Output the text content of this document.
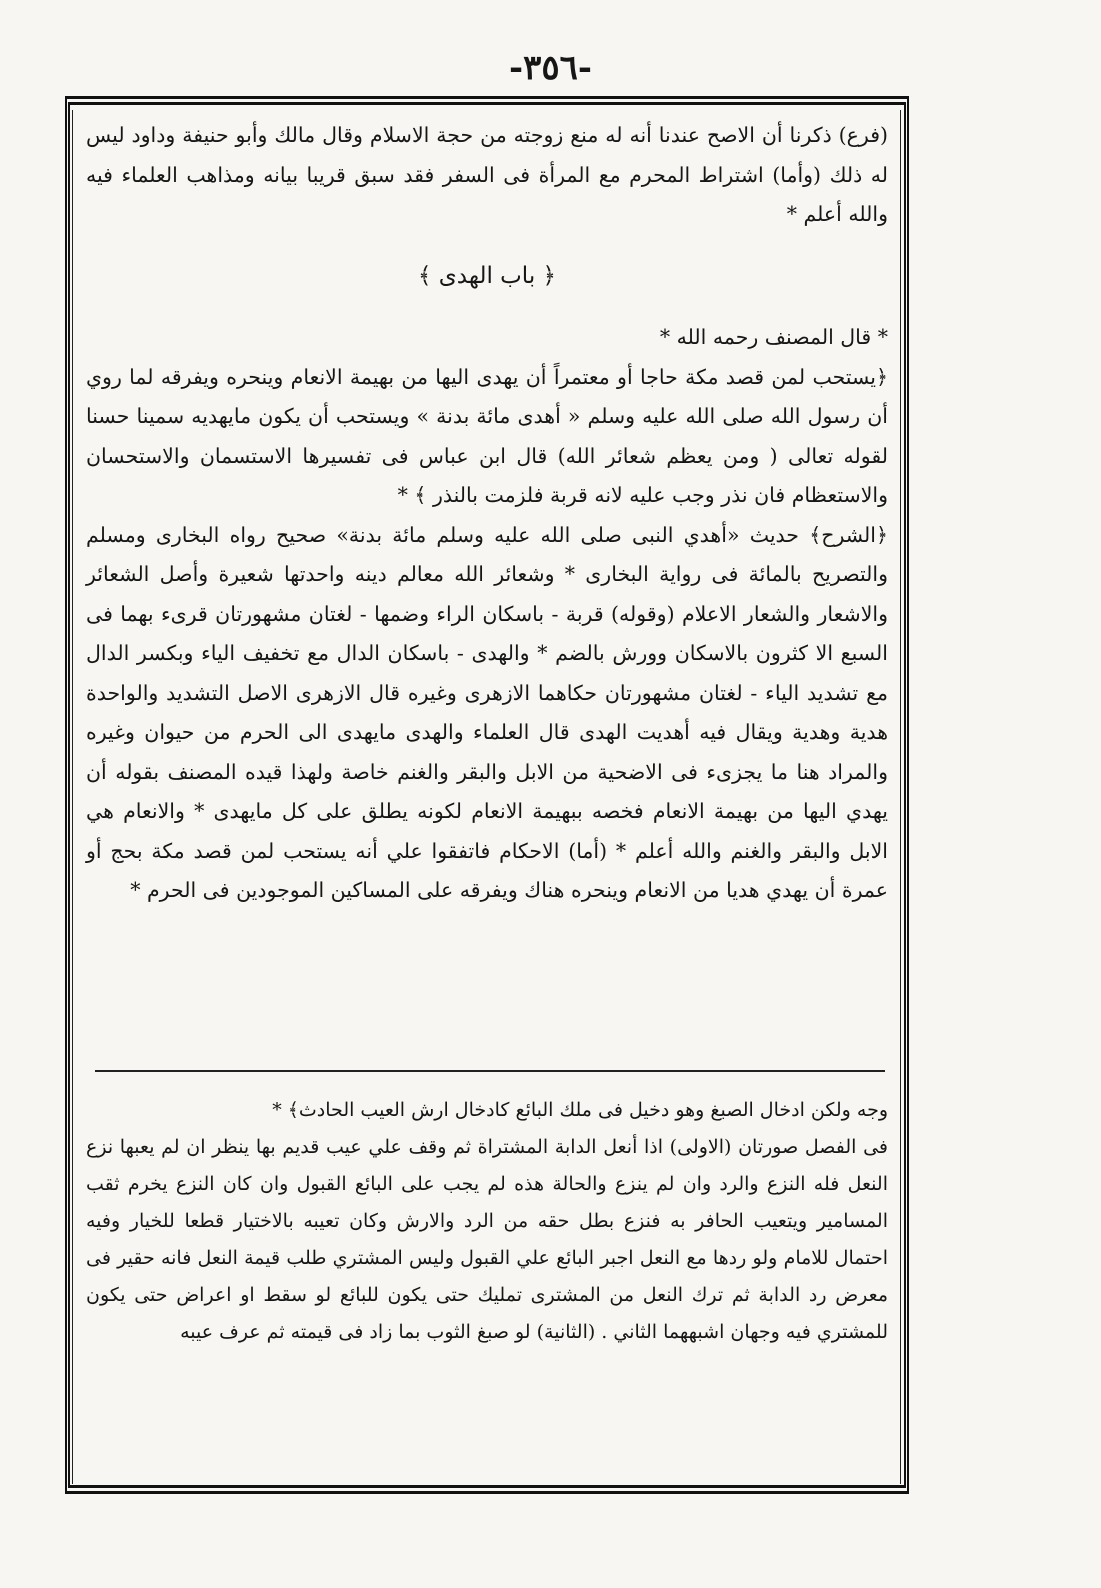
-٣٥٦-

(فرع) ذكرنا أن الاصح عندنا أنه له منع زوجته من حجة الاسلام وقال مالك وأبو حنيفة وداود ليس له ذلك (وأما) اشتراط المحرم مع المرأة فى السفر فقد سبق قريبا بيانه ومذاهب العلماء فيه والله أعلم *

﴿ باب الهدى ﴾

* قال المصنف رحمه الله *

﴿يستحب لمن قصد مكة حاجا أو معتمراً أن يهدى اليها من بهيمة الانعام وينحره ويفرقه لما روي أن رسول الله صلى الله عليه وسلم « أهدى مائة بدنة » ويستحب أن يكون مايهديه سمينا حسنا لقوله تعالى ( ومن يعظم شعائر الله) قال ابن عباس فى تفسيرها الاستسمان والاستحسان والاستعظام فان نذر وجب عليه لانه قربة فلزمت بالنذر ﴾ *

﴿الشرح﴾ حديث «أهدي النبى صلى الله عليه وسلم مائة بدنة» صحيح رواه البخارى ومسلم والتصريح بالمائة فى رواية البخارى * وشعائر الله معالم دينه واحدتها شعيرة وأصل الشعائر والاشعار والشعار الاعلام (وقوله) قربة - باسكان الراء وضمها - لغتان مشهورتان قرىء بهما فى السبع الا كثرون بالاسكان وورش بالضم * والهدى - باسكان الدال مع تخفيف الياء وبكسر الدال مع تشديد الياء - لغتان مشهورتان حكاهما الازهرى وغيره قال الازهرى الاصل التشديد والواحدة هدية وهدية ويقال فيه أهديت الهدى قال العلماء والهدى مايهدى الى الحرم من حيوان وغيره والمراد هنا ما يجزىء فى الاضحية من الابل والبقر والغنم خاصة ولهذا قيده المصنف بقوله أن يهدي اليها من بهيمة الانعام فخصه ببهيمة الانعام لكونه يطلق على كل مايهدى * والانعام هي الابل والبقر والغنم والله أعلم * (أما) الاحكام فاتفقوا علي أنه يستحب لمن قصد مكة بحج أو عمرة أن يهدي هديا من الانعام وينحره هناك ويفرقه على المساكين الموجودين فى الحرم *

وجه ولكن ادخال الصبغ وهو دخيل فى ملك البائع كادخال ارش العيب الحادث﴾ *

فى الفصل صورتان (الاولى) اذا أنعل الدابة المشتراة ثم وقف علي عيب قديم بها ينظر ان لم يعبها نزع النعل فله النزع والرد وان لم ينزع والحالة هذه لم يجب على البائع القبول وان كان النزع يخرم ثقب المسامير ويتعيب الحافر به فنزع بطل حقه من الرد والارش وكان تعيبه بالاختيار قطعا للخيار وفيه احتمال للامام ولو ردها مع النعل اجبر البائع علي القبول وليس المشتري طلب قيمة النعل فانه حقير فى معرض رد الدابة ثم ترك النعل من المشترى تمليك حتى يكون للبائع لو سقط او اعراض حتى يكون للمشتري فيه وجهان اشبههما الثاني . (الثانية) لو صبغ الثوب بما زاد فى قيمته ثم عرف عيبه
